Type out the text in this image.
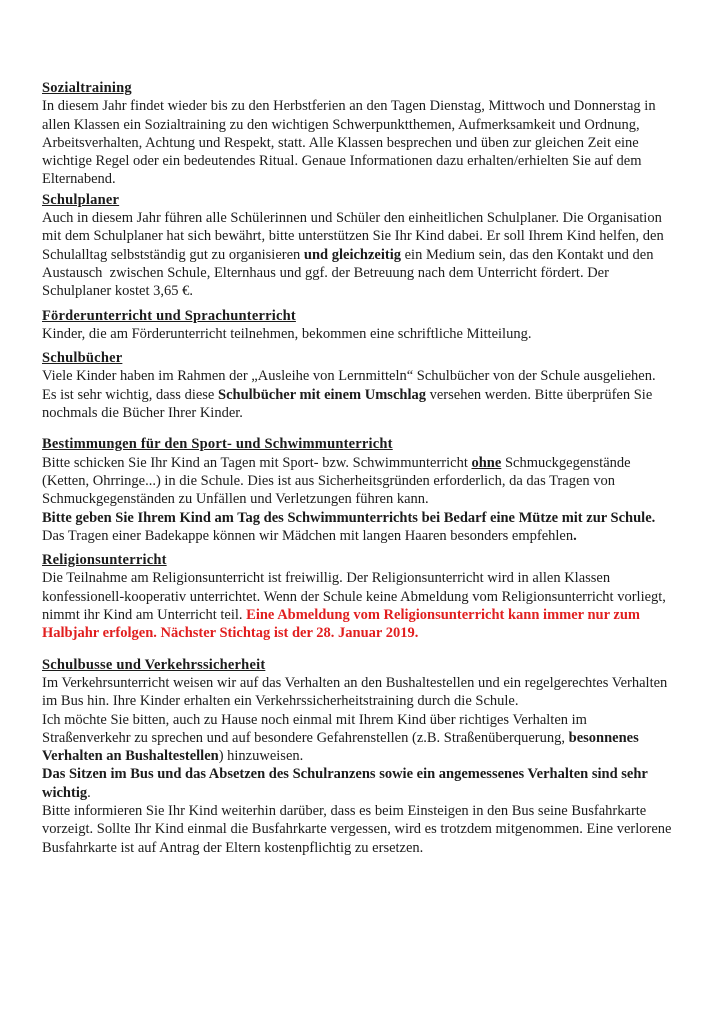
Sozialtraining
In diesem Jahr findet wieder bis zu den Herbstferien an den Tagen Dienstag, Mittwoch und Donnerstag in
allen Klassen ein Sozialtraining zu den wichtigen Schwerpunktthemen, Aufmerksamkeit und Ordnung,
Arbeitsverhalten, Achtung und Respekt, statt. Alle Klassen besprechen und üben zur gleichen Zeit eine
wichtige Regel oder ein bedeutendes Ritual. Genaue Informationen dazu erhalten/erhielten Sie auf dem
Elternabend.
Schulplaner
Auch in diesem Jahr führen alle Schülerinnen und Schüler den einheitlichen Schulplaner. Die Organisation
mit dem Schulplaner hat sich bewährt, bitte unterstützen Sie Ihr Kind dabei. Er soll Ihrem Kind helfen, den
Schulalltag selbstständig gut zu organisieren und gleichzeitig ein Medium sein, das den Kontakt und den
Austausch  zwischen Schule, Elternhaus und ggf. der Betreuung nach dem Unterricht fördert. Der
Schulplaner kostet 3,65 €.
Förderunterricht und Sprachunterricht
Kinder, die am Förderunterricht teilnehmen, bekommen eine schriftliche Mitteilung.
Schulbücher
Viele Kinder haben im Rahmen der „Ausleihe von Lernmitteln“ Schulbücher von der Schule ausgeliehen.
Es ist sehr wichtig, dass diese Schulbücher mit einem Umschlag versehen werden. Bitte überprüfen Sie
nochmals die Bücher Ihrer Kinder.
Bestimmungen für den Sport- und Schwimmunterricht
Bitte schicken Sie Ihr Kind an Tagen mit Sport- bzw. Schwimmunterricht ohne Schmuckgegenstände
(Ketten, Ohrringe...) in die Schule. Dies ist aus Sicherheitsgründen erforderlich, da das Tragen von
Schmuckgegenständen zu Unfällen und Verletzungen führen kann.
Bitte geben Sie Ihrem Kind am Tag des Schwimmunterrichts bei Bedarf eine Mütze mit zur Schule.
Das Tragen einer Badekappe können wir Mädchen mit langen Haaren besonders empfehlen.
Religionsunterricht
Die Teilnahme am Religionsunterricht ist freiwillig. Der Religionsunterricht wird in allen Klassen
konfessionell-kooperativ unterrichtet. Wenn der Schule keine Abmeldung vom Religionsunterricht vorliegt,
nimmt ihr Kind am Unterricht teil. Eine Abmeldung vom Religionsunterricht kann immer nur zum
Halbjahr erfolgen. Nächster Stichtag ist der 28. Januar 2019.
Schulbusse und Verkehrssicherheit
Im Verkehrsunterricht weisen wir auf das Verhalten an den Bushaltestellen und ein regelgerechtes Verhalten
im Bus hin. Ihre Kinder erhalten ein Verkehrssicherheitstraining durch die Schule.
Ich möchte Sie bitten, auch zu Hause noch einmal mit Ihrem Kind über richtiges Verhalten im
Straßenverkehr zu sprechen und auf besondere Gefahrenstellen (z.B. Straßenüberquerung, besonnenes
Verhalten an Bushaltestellen) hinzuweisen.
Das Sitzen im Bus und das Absetzen des Schulranzens sowie ein angemessenes Verhalten sind sehr
wichtig.
Bitte informieren Sie Ihr Kind weiterhin darüber, dass es beim Einsteigen in den Bus seine Busfahrkarte
vorzeigt. Sollte Ihr Kind einmal die Busfahrkarte vergessen, wird es trotzdem mitgenommen. Eine verlorene
Busfahrkarte ist auf Antrag der Eltern kostenpflichtig zu ersetzen.
